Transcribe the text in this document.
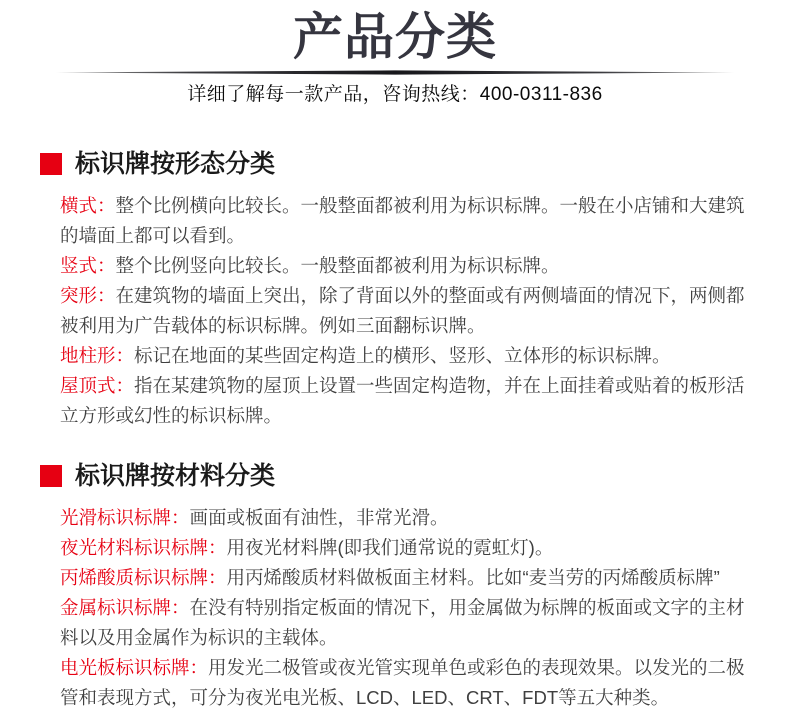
产品分类

详细了解每一款产品，咨询热线：400-0311-836

标识牌按形态分类

横式：整个比例横向比较长。一般整面都被利用为标识标牌。一般在小店铺和大建筑的墙面上都可以看到。

竖式：整个比例竖向比较长。一般整面都被利用为标识标牌。

突形：在建筑物的墙面上突出，除了背面以外的整面或有两侧墙面的情况下，两侧都被利用为广告载体的标识标牌。例如三面翻标识牌。

地柱形：标记在地面的某些固定构造上的横形、竖形、立体形的标识标牌。

屋顶式：指在某建筑物的屋顶上设置一些固定构造物，并在上面挂着或贴着的板形活立方形或幻性的标识标牌。

标识牌按材料分类

光滑标识标牌：画面或板面有油性，非常光滑。

夜光材料标识标牌：用夜光材料牌(即我们通常说的霓虹灯)。

丙烯酸质标识标牌：用丙烯酸质材料做板面主材料。比如“麦当劳的丙烯酸质标牌”

金属标识标牌：在没有特别指定板面的情况下，用金属做为标牌的板面或文字的主材料以及用金属作为标识的主载体。

电光板标识标牌：用发光二极管或夜光管实现单色或彩色的表现效果。以发光的二极管和表现方式，可分为夜光电光板、LCD、LED、CRT、FDT等五大种类。
